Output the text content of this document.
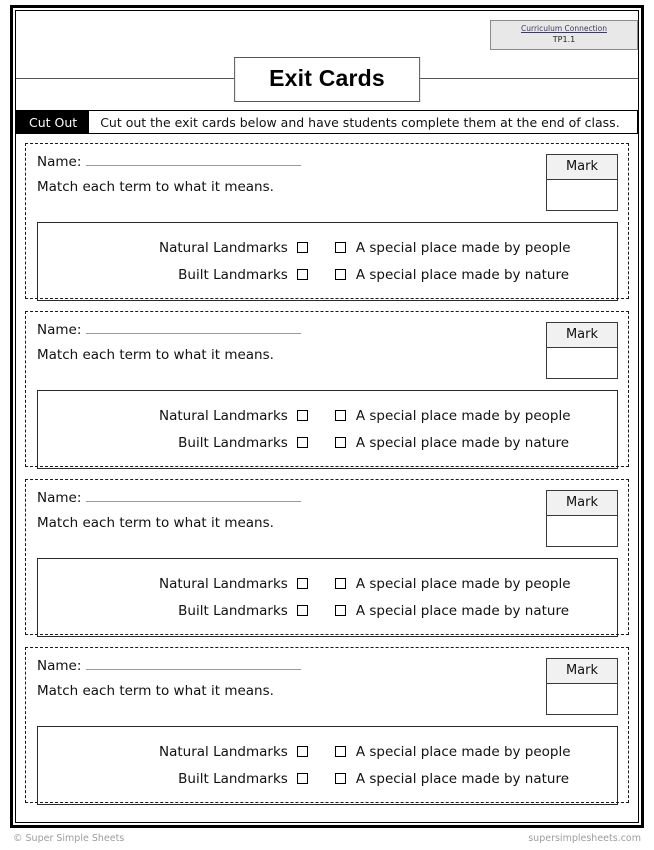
Curriculum Connection
TP1.1
Exit Cards
Cut Out	Cut out the exit cards below and have students complete them at the end of class.
Name:
Match each term to what it means.
Mark
Natural Landmarks	A special place made by people
Built Landmarks	A special place made by nature
Name:
Match each term to what it means.
Mark
Natural Landmarks	A special place made by people
Built Landmarks	A special place made by nature
Name:
Match each term to what it means.
Mark
Natural Landmarks	A special place made by people
Built Landmarks	A special place made by nature
Name:
Match each term to what it means.
Mark
Natural Landmarks	A special place made by people
Built Landmarks	A special place made by nature
© Super Simple Sheets	supersimplesheets.com
